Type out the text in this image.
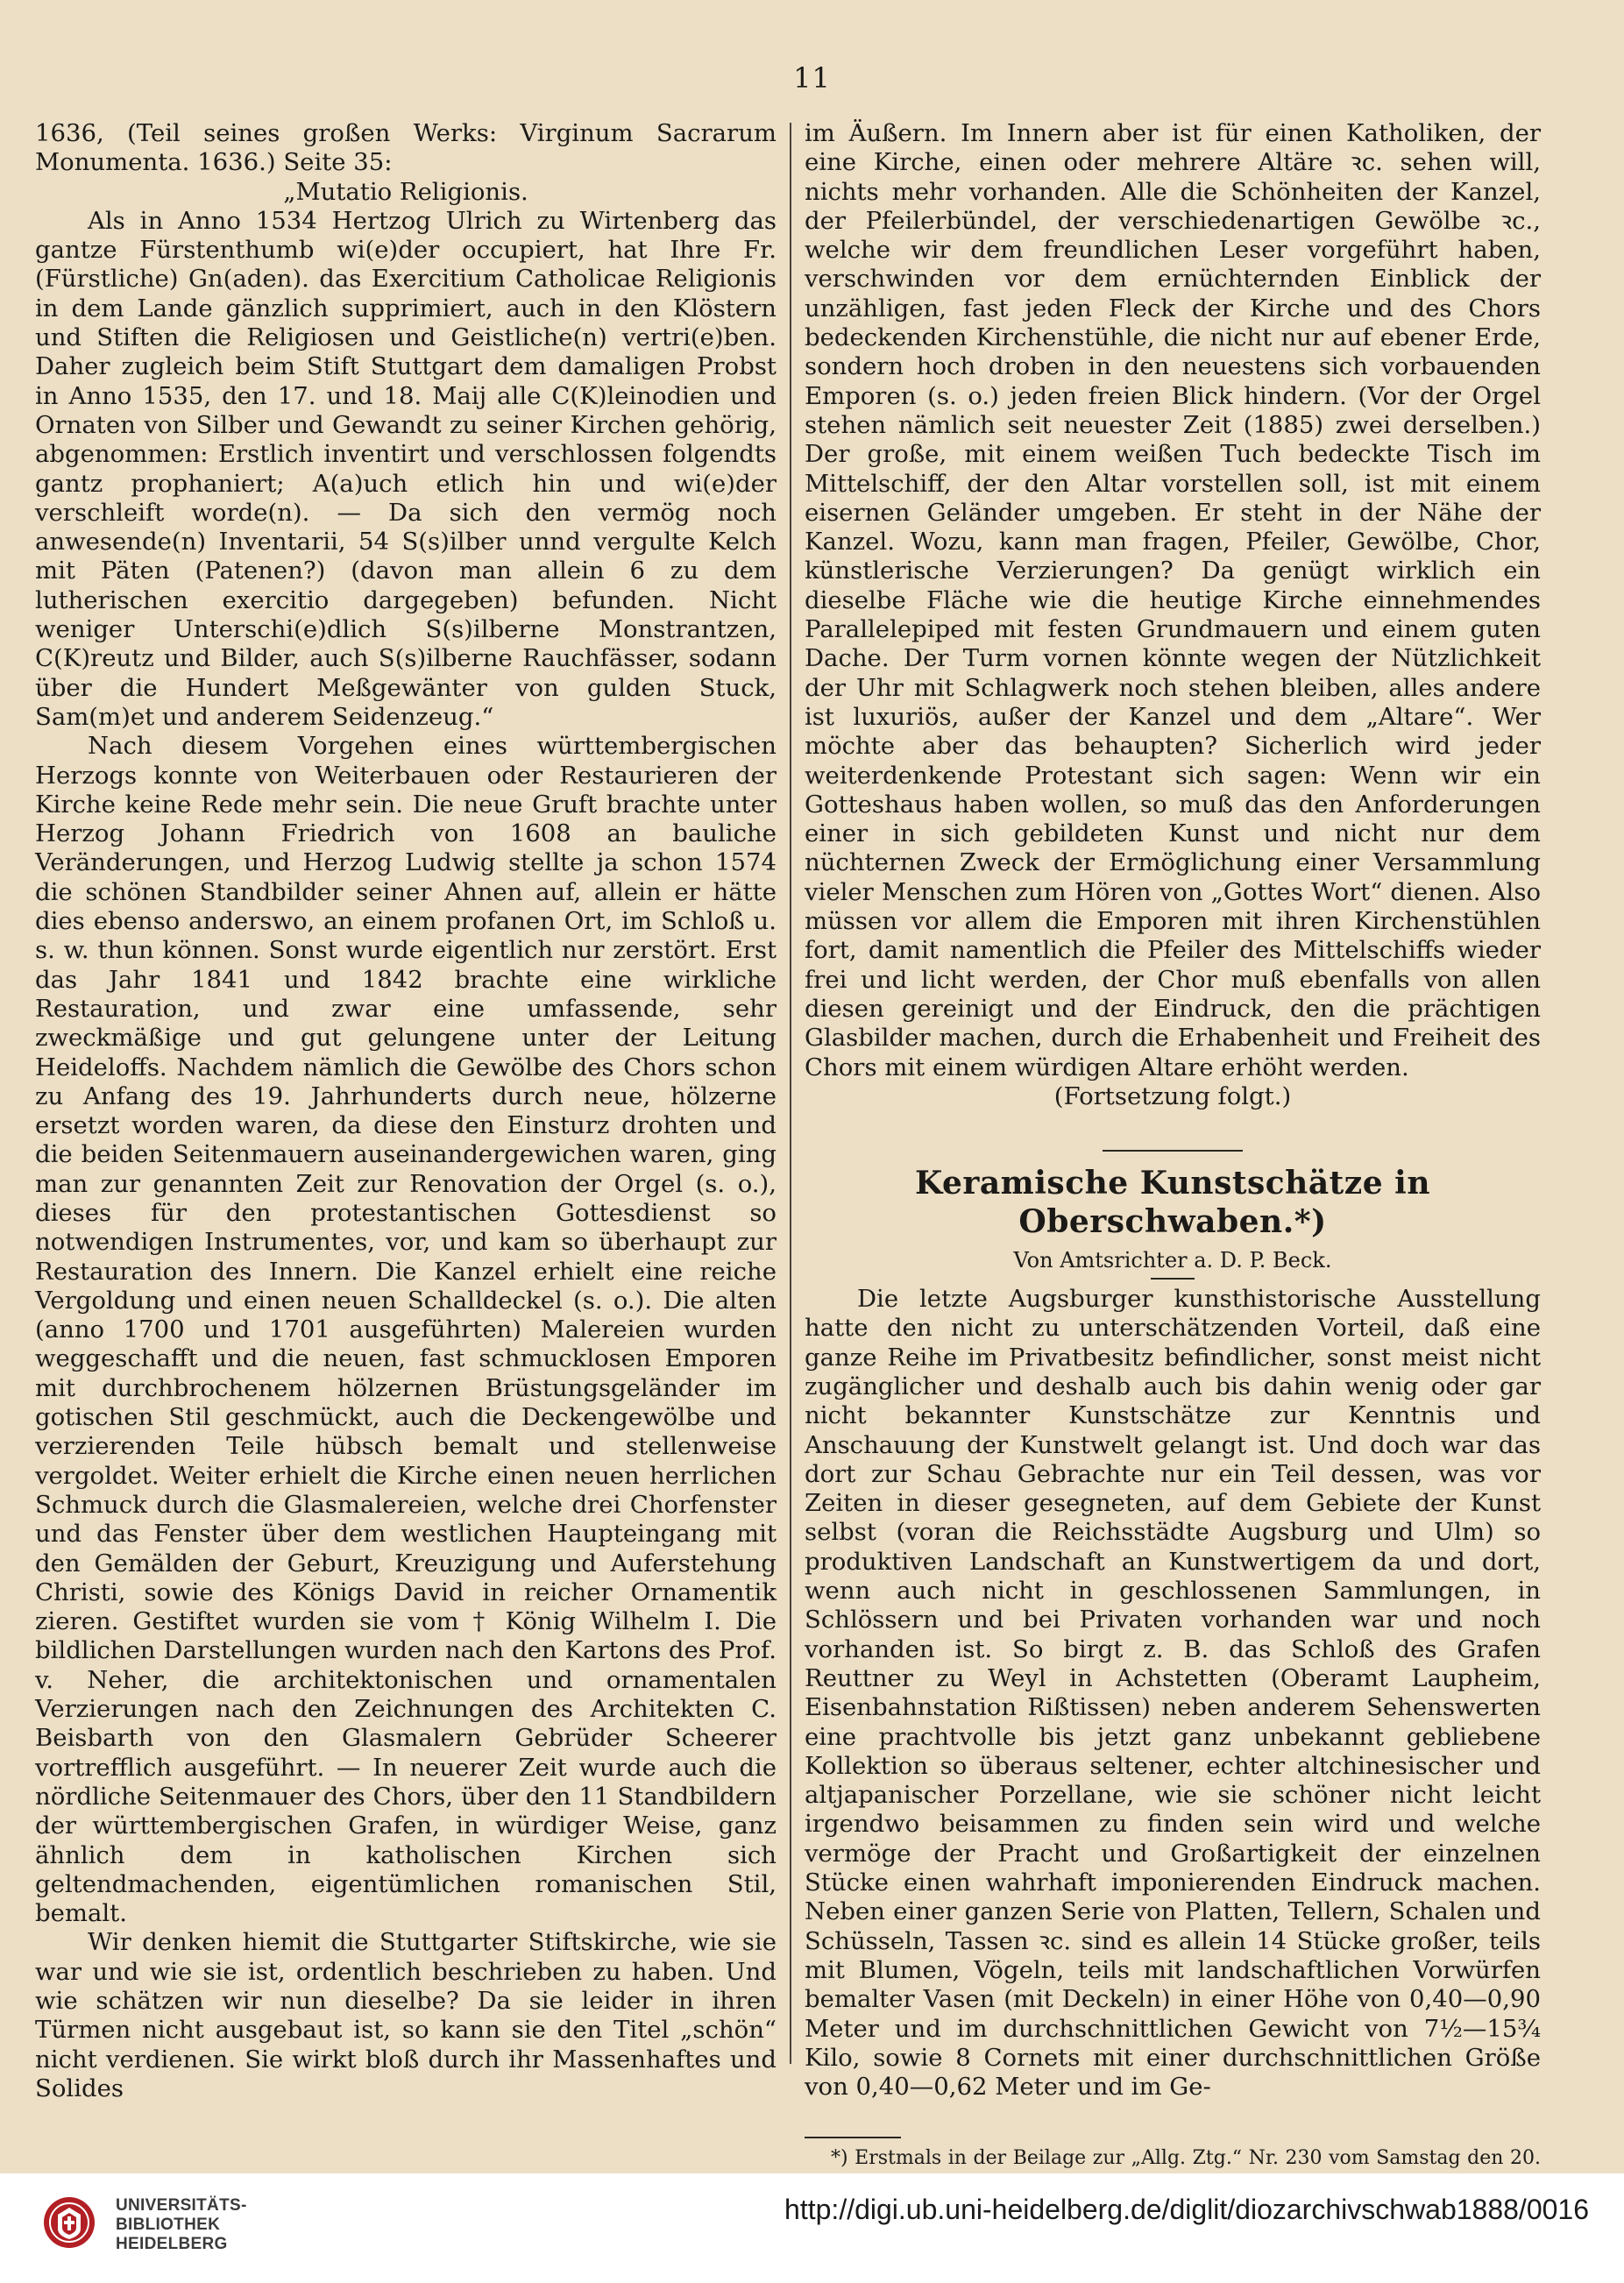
11

1636, (Teil seines großen Werks: Virginum Sacrarum Monumenta. 1636.) Seite 35:

„Mutatio Religionis.

Als in Anno 1534 Hertzog Ulrich zu Wirtenberg das gantze Fürstenthumb wi(e)der occupiert, hat Ihre Fr. (Fürstliche) Gn(aden). das Exercitium Catholicae Religionis in dem Lande gänzlich supprimiert, auch in den Klöstern und Stiften die Religiosen und Geistliche(n) vertri(e)ben. Daher zugleich beim Stift Stuttgart dem damaligen Probst in Anno 1535, den 17. und 18. Maij alle C(K)leinodien und Ornaten von Silber und Gewandt zu seiner Kirchen gehörig, abgenommen: Erstlich inventirt und verschlossen folgendts gantz prophaniert; A(a)uch etlich hin und wi(e)der verschleift worde(n). — Da sich den vermög noch anwesende(n) Inventarii, 54 S(s)ilber unnd vergulte Kelch mit Päten (Patenen?) (davon man allein 6 zu dem lutherischen exercitio dargegeben) befunden. Nicht weniger Unterschi(e)dlich S(s)ilberne Monstrantzen, C(K)reutz und Bilder, auch S(s)ilberne Rauchfässer, sodann über die Hundert Meßgewänter von gulden Stuck, Sam(m)et und anderem Seidenzeug.“

Nach diesem Vorgehen eines württembergischen Herzogs konnte von Weiterbauen oder Restaurieren der Kirche keine Rede mehr sein. Die neue Gruft brachte unter Herzog Johann Friedrich von 1608 an bauliche Veränderungen, und Herzog Ludwig stellte ja schon 1574 die schönen Standbilder seiner Ahnen auf, allein er hätte dies ebenso anderswo, an einem profanen Ort, im Schloß u. s. w. thun können. Sonst wurde eigentlich nur zerstört. Erst das Jahr 1841 und 1842 brachte eine wirkliche Restauration, und zwar eine umfassende, sehr zweckmäßige und gut gelungene unter der Leitung Heideloffs. Nachdem nämlich die Gewölbe des Chors schon zu Anfang des 19. Jahrhunderts durch neue, hölzerne ersetzt worden waren, da diese den Einsturz drohten und die beiden Seitenmauern auseinandergewichen waren, ging man zur genannten Zeit zur Renovation der Orgel (s. o.), dieses für den protestantischen Gottesdienst so notwendigen Instrumentes, vor, und kam so überhaupt zur Restauration des Innern. Die Kanzel erhielt eine reiche Vergoldung und einen neuen Schalldeckel (s. o.). Die alten (anno 1700 und 1701 ausgeführten) Malereien wurden weggeschafft und die neuen, fast schmucklosen Emporen mit durchbrochenem hölzernen Brüstungsgeländer im gotischen Stil geschmückt, auch die Deckengewölbe und verzierenden Teile hübsch bemalt und stellenweise vergoldet. Weiter erhielt die Kirche einen neuen herrlichen Schmuck durch die Glasmalereien, welche drei Chorfenster und das Fenster über dem westlichen Haupteingang mit den Gemälden der Geburt, Kreuzigung und Auferstehung Christi, sowie des Königs David in reicher Ornamentik zieren. Gestiftet wurden sie vom † König Wilhelm I. Die bildlichen Darstellungen wurden nach den Kartons des Prof. v. Neher, die architektonischen und ornamentalen Verzierungen nach den Zeichnungen des Architekten C. Beisbarth von den Glasmalern Gebrüder Scheerer vortrefflich ausgeführt. — In neuerer Zeit wurde auch die nördliche Seitenmauer des Chors, über den 11 Standbildern der württembergischen Grafen, in würdiger Weise, ganz ähnlich dem in katholischen Kirchen sich geltendmachenden, eigentümlichen romanischen Stil, bemalt.

Wir denken hiemit die Stuttgarter Stiftskirche, wie sie war und wie sie ist, ordentlich beschrieben zu haben. Und wie schätzen wir nun dieselbe? Da sie leider in ihren Türmen nicht ausgebaut ist, so kann sie den Titel „schön“ nicht verdienen. Sie wirkt bloß durch ihr Massenhaftes und Solides

im Äußern. Im Innern aber ist für einen Katholiken, der eine Kirche, einen oder mehrere Altäre ꝛc. sehen will, nichts mehr vorhanden. Alle die Schönheiten der Kanzel, der Pfeilerbündel, der verschiedenartigen Gewölbe ꝛc., welche wir dem freundlichen Leser vorgeführt haben, verschwinden vor dem ernüchternden Einblick der unzähligen, fast jeden Fleck der Kirche und des Chors bedeckenden Kirchenstühle, die nicht nur auf ebener Erde, sondern hoch droben in den neuestens sich vorbauenden Emporen (s. o.) jeden freien Blick hindern. (Vor der Orgel stehen nämlich seit neuester Zeit (1885) zwei derselben.) Der große, mit einem weißen Tuch bedeckte Tisch im Mittelschiff, der den Altar vorstellen soll, ist mit einem eisernen Geländer umgeben. Er steht in der Nähe der Kanzel. Wozu, kann man fragen, Pfeiler, Gewölbe, Chor, künstlerische Verzierungen? Da genügt wirklich ein dieselbe Fläche wie die heutige Kirche einnehmendes Parallelepiped mit festen Grundmauern und einem guten Dache. Der Turm vornen könnte wegen der Nützlichkeit der Uhr mit Schlagwerk noch stehen bleiben, alles andere ist luxuriös, außer der Kanzel und dem „Altare“. Wer möchte aber das behaupten? Sicherlich wird jeder weiterdenkende Protestant sich sagen: Wenn wir ein Gotteshaus haben wollen, so muß das den Anforderungen einer in sich gebildeten Kunst und nicht nur dem nüchternen Zweck der Ermöglichung einer Versammlung vieler Menschen zum Hören von „Gottes Wort“ dienen. Also müssen vor allem die Emporen mit ihren Kirchenstühlen fort, damit namentlich die Pfeiler des Mittelschiffs wieder frei und licht werden, der Chor muß ebenfalls von allen diesen gereinigt und der Eindruck, den die prächtigen Glasbilder machen, durch die Erhabenheit und Freiheit des Chors mit einem würdigen Altare erhöht werden.

(Fortsetzung folgt.)

Keramische Kunstschätze in Oberschwaben.*)

Von Amtsrichter a. D. P. Beck.

Die letzte Augsburger kunsthistorische Ausstellung hatte den nicht zu unterschätzenden Vorteil, daß eine ganze Reihe im Privatbesitz befindlicher, sonst meist nicht zugänglicher und deshalb auch bis dahin wenig oder gar nicht bekannter Kunstschätze zur Kenntnis und Anschauung der Kunstwelt gelangt ist. Und doch war das dort zur Schau Gebrachte nur ein Teil dessen, was vor Zeiten in dieser gesegneten, auf dem Gebiete der Kunst selbst (voran die Reichsstädte Augsburg und Ulm) so produktiven Landschaft an Kunstwertigem da und dort, wenn auch nicht in geschlossenen Sammlungen, in Schlössern und bei Privaten vorhanden war und noch vorhanden ist. So birgt z. B. das Schloß des Grafen Reuttner zu Weyl in Achstetten (Oberamt Laupheim, Eisenbahnstation Rißtissen) neben anderem Sehenswerten eine prachtvolle bis jetzt ganz unbekannt gebliebene Kollektion so überaus seltener, echter altchinesischer und altjapanischer Porzellane, wie sie schöner nicht leicht irgendwo beisammen zu finden sein wird und welche vermöge der Pracht und Großartigkeit der einzelnen Stücke einen wahrhaft imponierenden Eindruck machen. Neben einer ganzen Serie von Platten, Tellern, Schalen und Schüsseln, Tassen ꝛc. sind es allein 14 Stücke großer, teils mit Blumen, Vögeln, teils mit landschaftlichen Vorwürfen bemalter Vasen (mit Deckeln) in einer Höhe von 0,40—0,90 Meter und im durchschnittlichen Gewicht von 7½—15¾ Kilo, sowie 8 Cornets mit einer durchschnittlichen Größe von 0,40—0,62 Meter und im Ge-

*) Erstmals in der Beilage zur „Allg. Ztg.“ Nr. 230 vom Samstag den 20.

UNIVERSITÄTS-
BIBLIOTHEK
HEIDELBERG
http://digi.ub.uni-heidelberg.de/diglit/diozarchivschwab1888/0016
